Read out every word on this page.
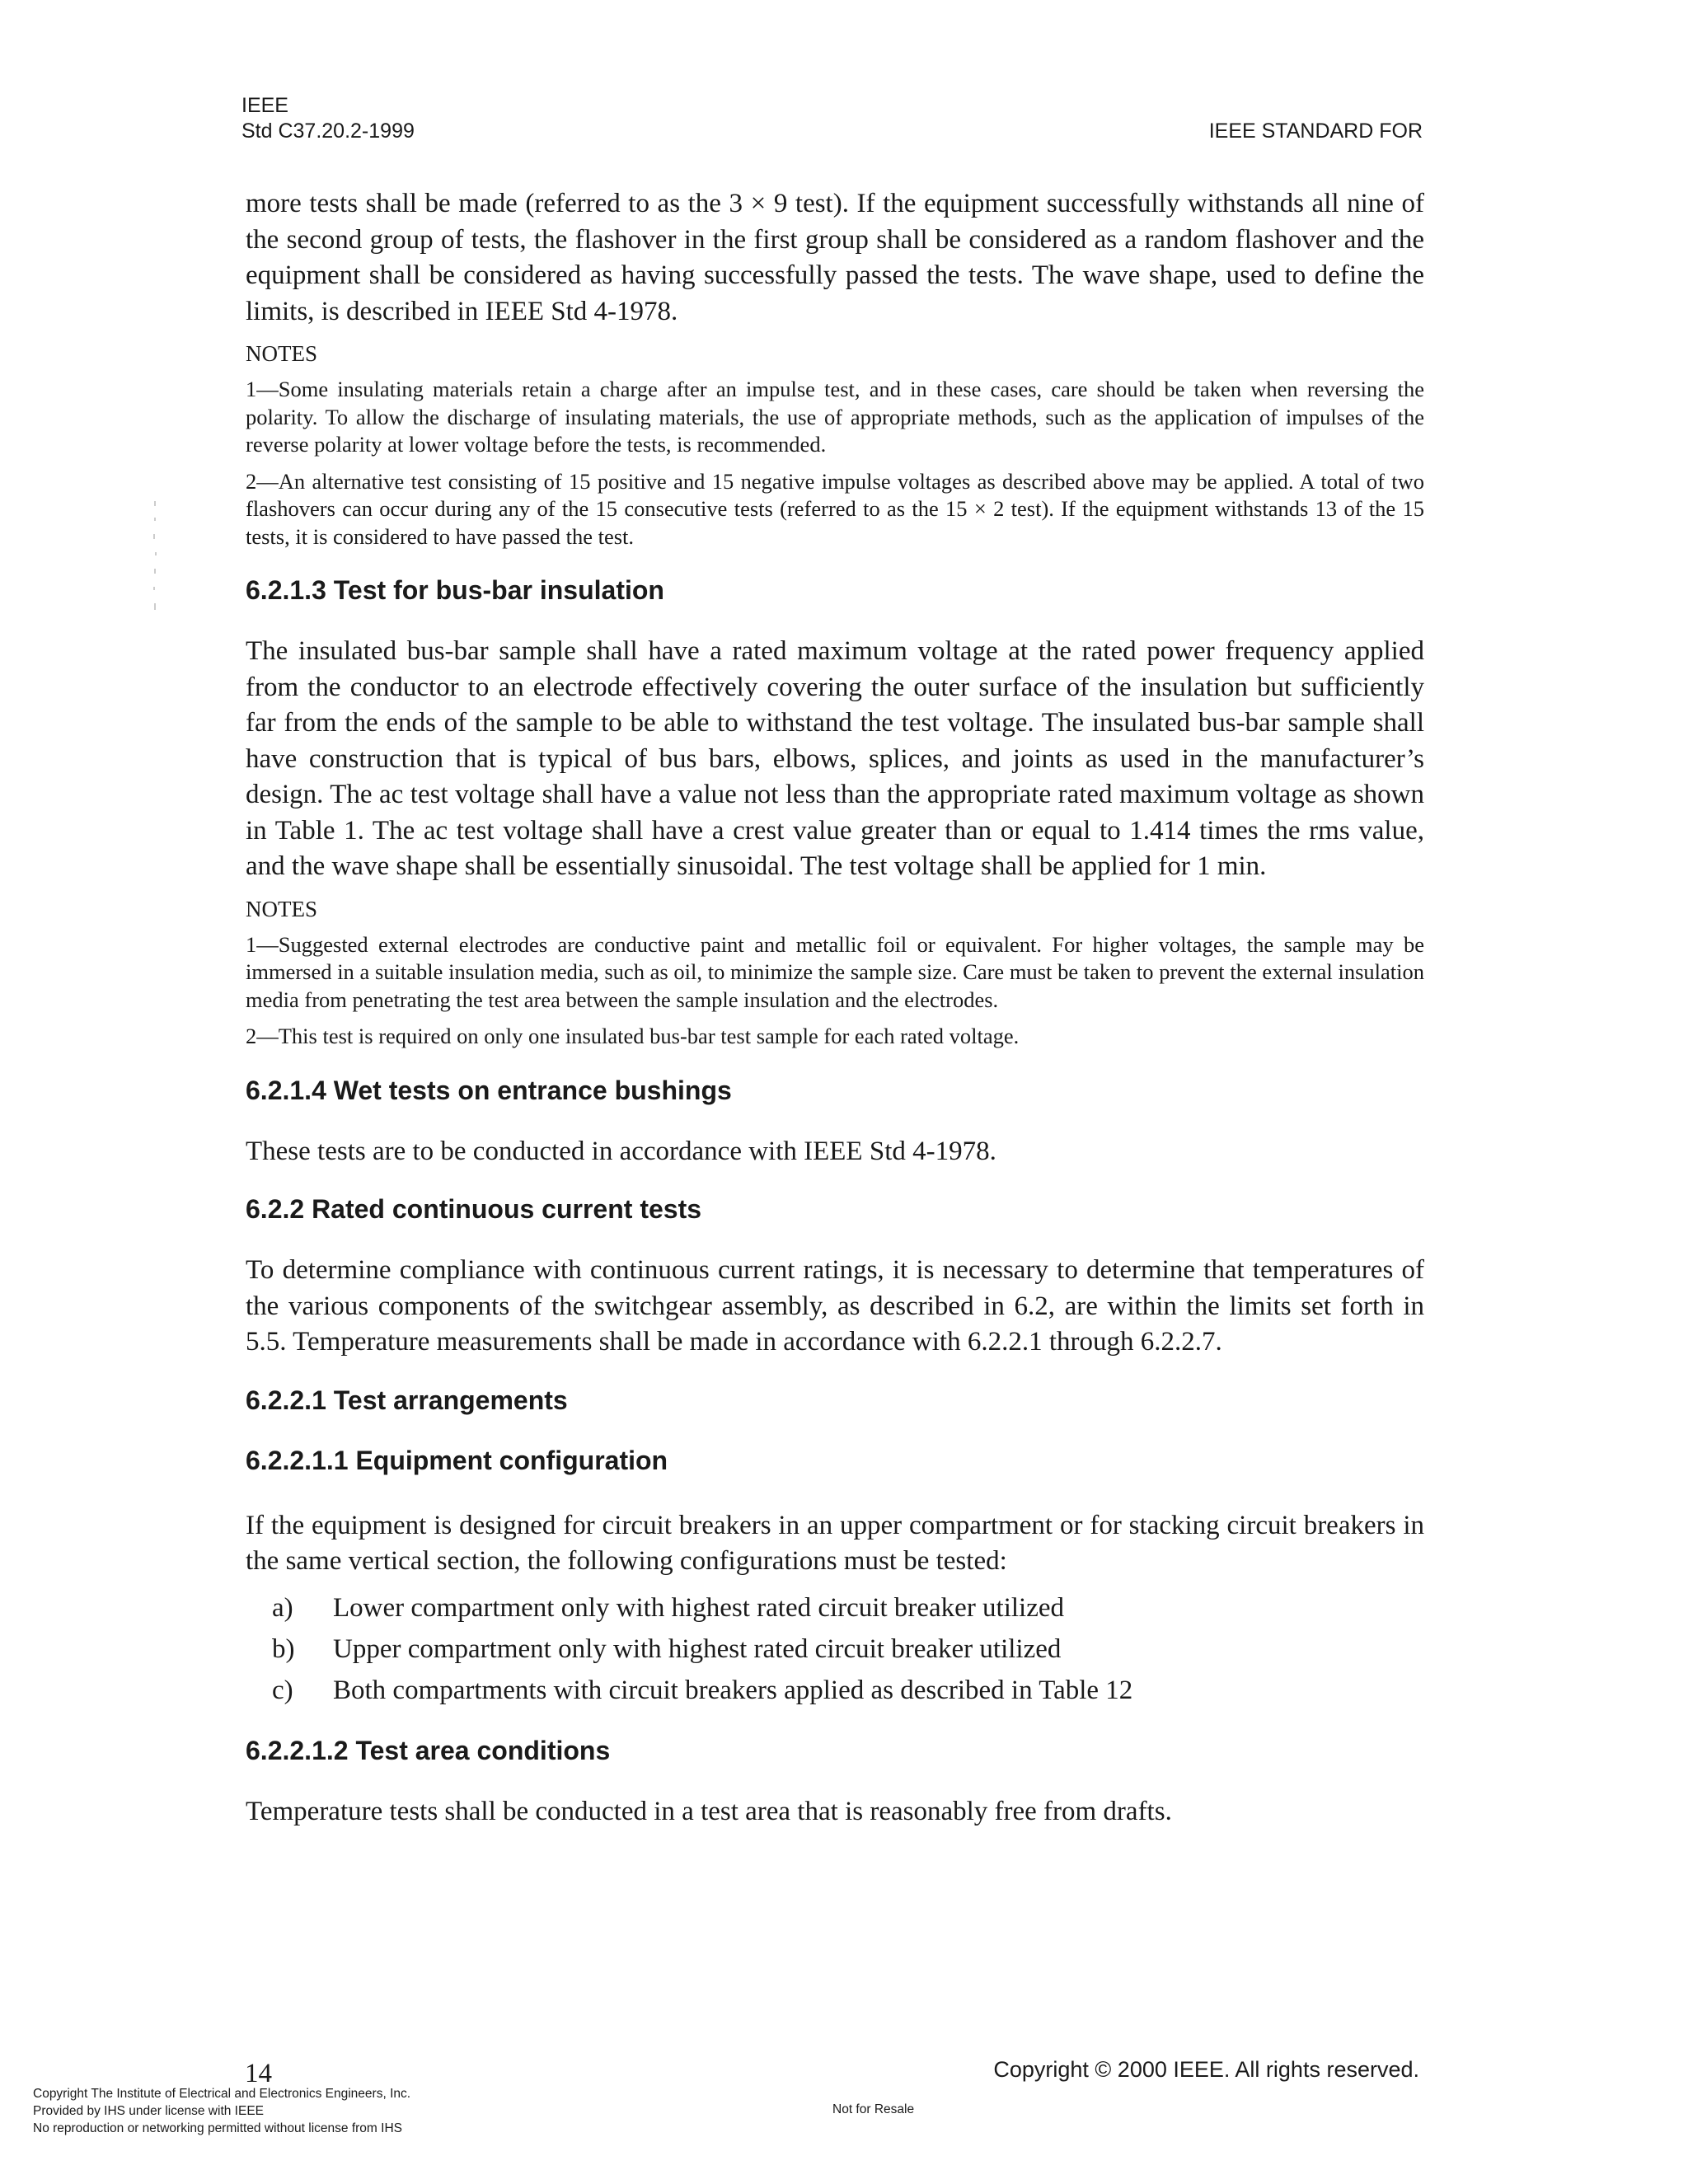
IEEE
Std C37.20.2-1999	IEEE STANDARD FOR

more tests shall be made (referred to as the 3 × 9 test). If the equipment successfully withstands all nine of the second group of tests, the flashover in the first group shall be considered as a random flashover and the equipment shall be considered as having successfully passed the tests. The wave shape, used to define the limits, is described in IEEE Std 4-1978.

NOTES

1—Some insulating materials retain a charge after an impulse test, and in these cases, care should be taken when reversing the polarity. To allow the discharge of insulating materials, the use of appropriate methods, such as the application of impulses of the reverse polarity at lower voltage before the tests, is recommended.

2—An alternative test consisting of 15 positive and 15 negative impulse voltages as described above may be applied. A total of two flashovers can occur during any of the 15 consecutive tests (referred to as the 15 × 2 test). If the equipment withstands 13 of the 15 tests, it is considered to have passed the test.

6.2.1.3 Test for bus-bar insulation

The insulated bus-bar sample shall have a rated maximum voltage at the rated power frequency applied from the conductor to an electrode effectively covering the outer surface of the insulation but sufficiently far from the ends of the sample to be able to withstand the test voltage. The insulated bus-bar sample shall have construction that is typical of bus bars, elbows, splices, and joints as used in the manufacturer’s design. The ac test voltage shall have a value not less than the appropriate rated maximum voltage as shown in Table 1. The ac test voltage shall have a crest value greater than or equal to 1.414 times the rms value, and the wave shape shall be essentially sinusoidal. The test voltage shall be applied for 1 min.

NOTES

1—Suggested external electrodes are conductive paint and metallic foil or equivalent. For higher voltages, the sample may be immersed in a suitable insulation media, such as oil, to minimize the sample size. Care must be taken to prevent the external insulation media from penetrating the test area between the sample insulation and the electrodes.

2—This test is required on only one insulated bus-bar test sample for each rated voltage.

6.2.1.4 Wet tests on entrance bushings

These tests are to be conducted in accordance with IEEE Std 4-1978.

6.2.2 Rated continuous current tests

To determine compliance with continuous current ratings, it is necessary to determine that temperatures of the various components of the switchgear assembly, as described in 6.2, are within the limits set forth in 5.5. Temperature measurements shall be made in accordance with 6.2.2.1 through 6.2.2.7.

6.2.2.1 Test arrangements
6.2.2.1.1 Equipment configuration

If the equipment is designed for circuit breakers in an upper compartment or for stacking circuit breakers in the same vertical section, the following configurations must be tested:

a)	Lower compartment only with highest rated circuit breaker utilized
b)	Upper compartment only with highest rated circuit breaker utilized
c)	Both compartments with circuit breakers applied as described in Table 12
6.2.2.1.2 Test area conditions

Temperature tests shall be conducted in a test area that is reasonably free from drafts.

14	Copyright © 2000 IEEE. All rights reserved.
Copyright The Institute of Electrical and Electronics Engineers, Inc.
Provided by IHS under license with IEEE
No reproduction or networking permitted without license from IHS
Not for Resale
